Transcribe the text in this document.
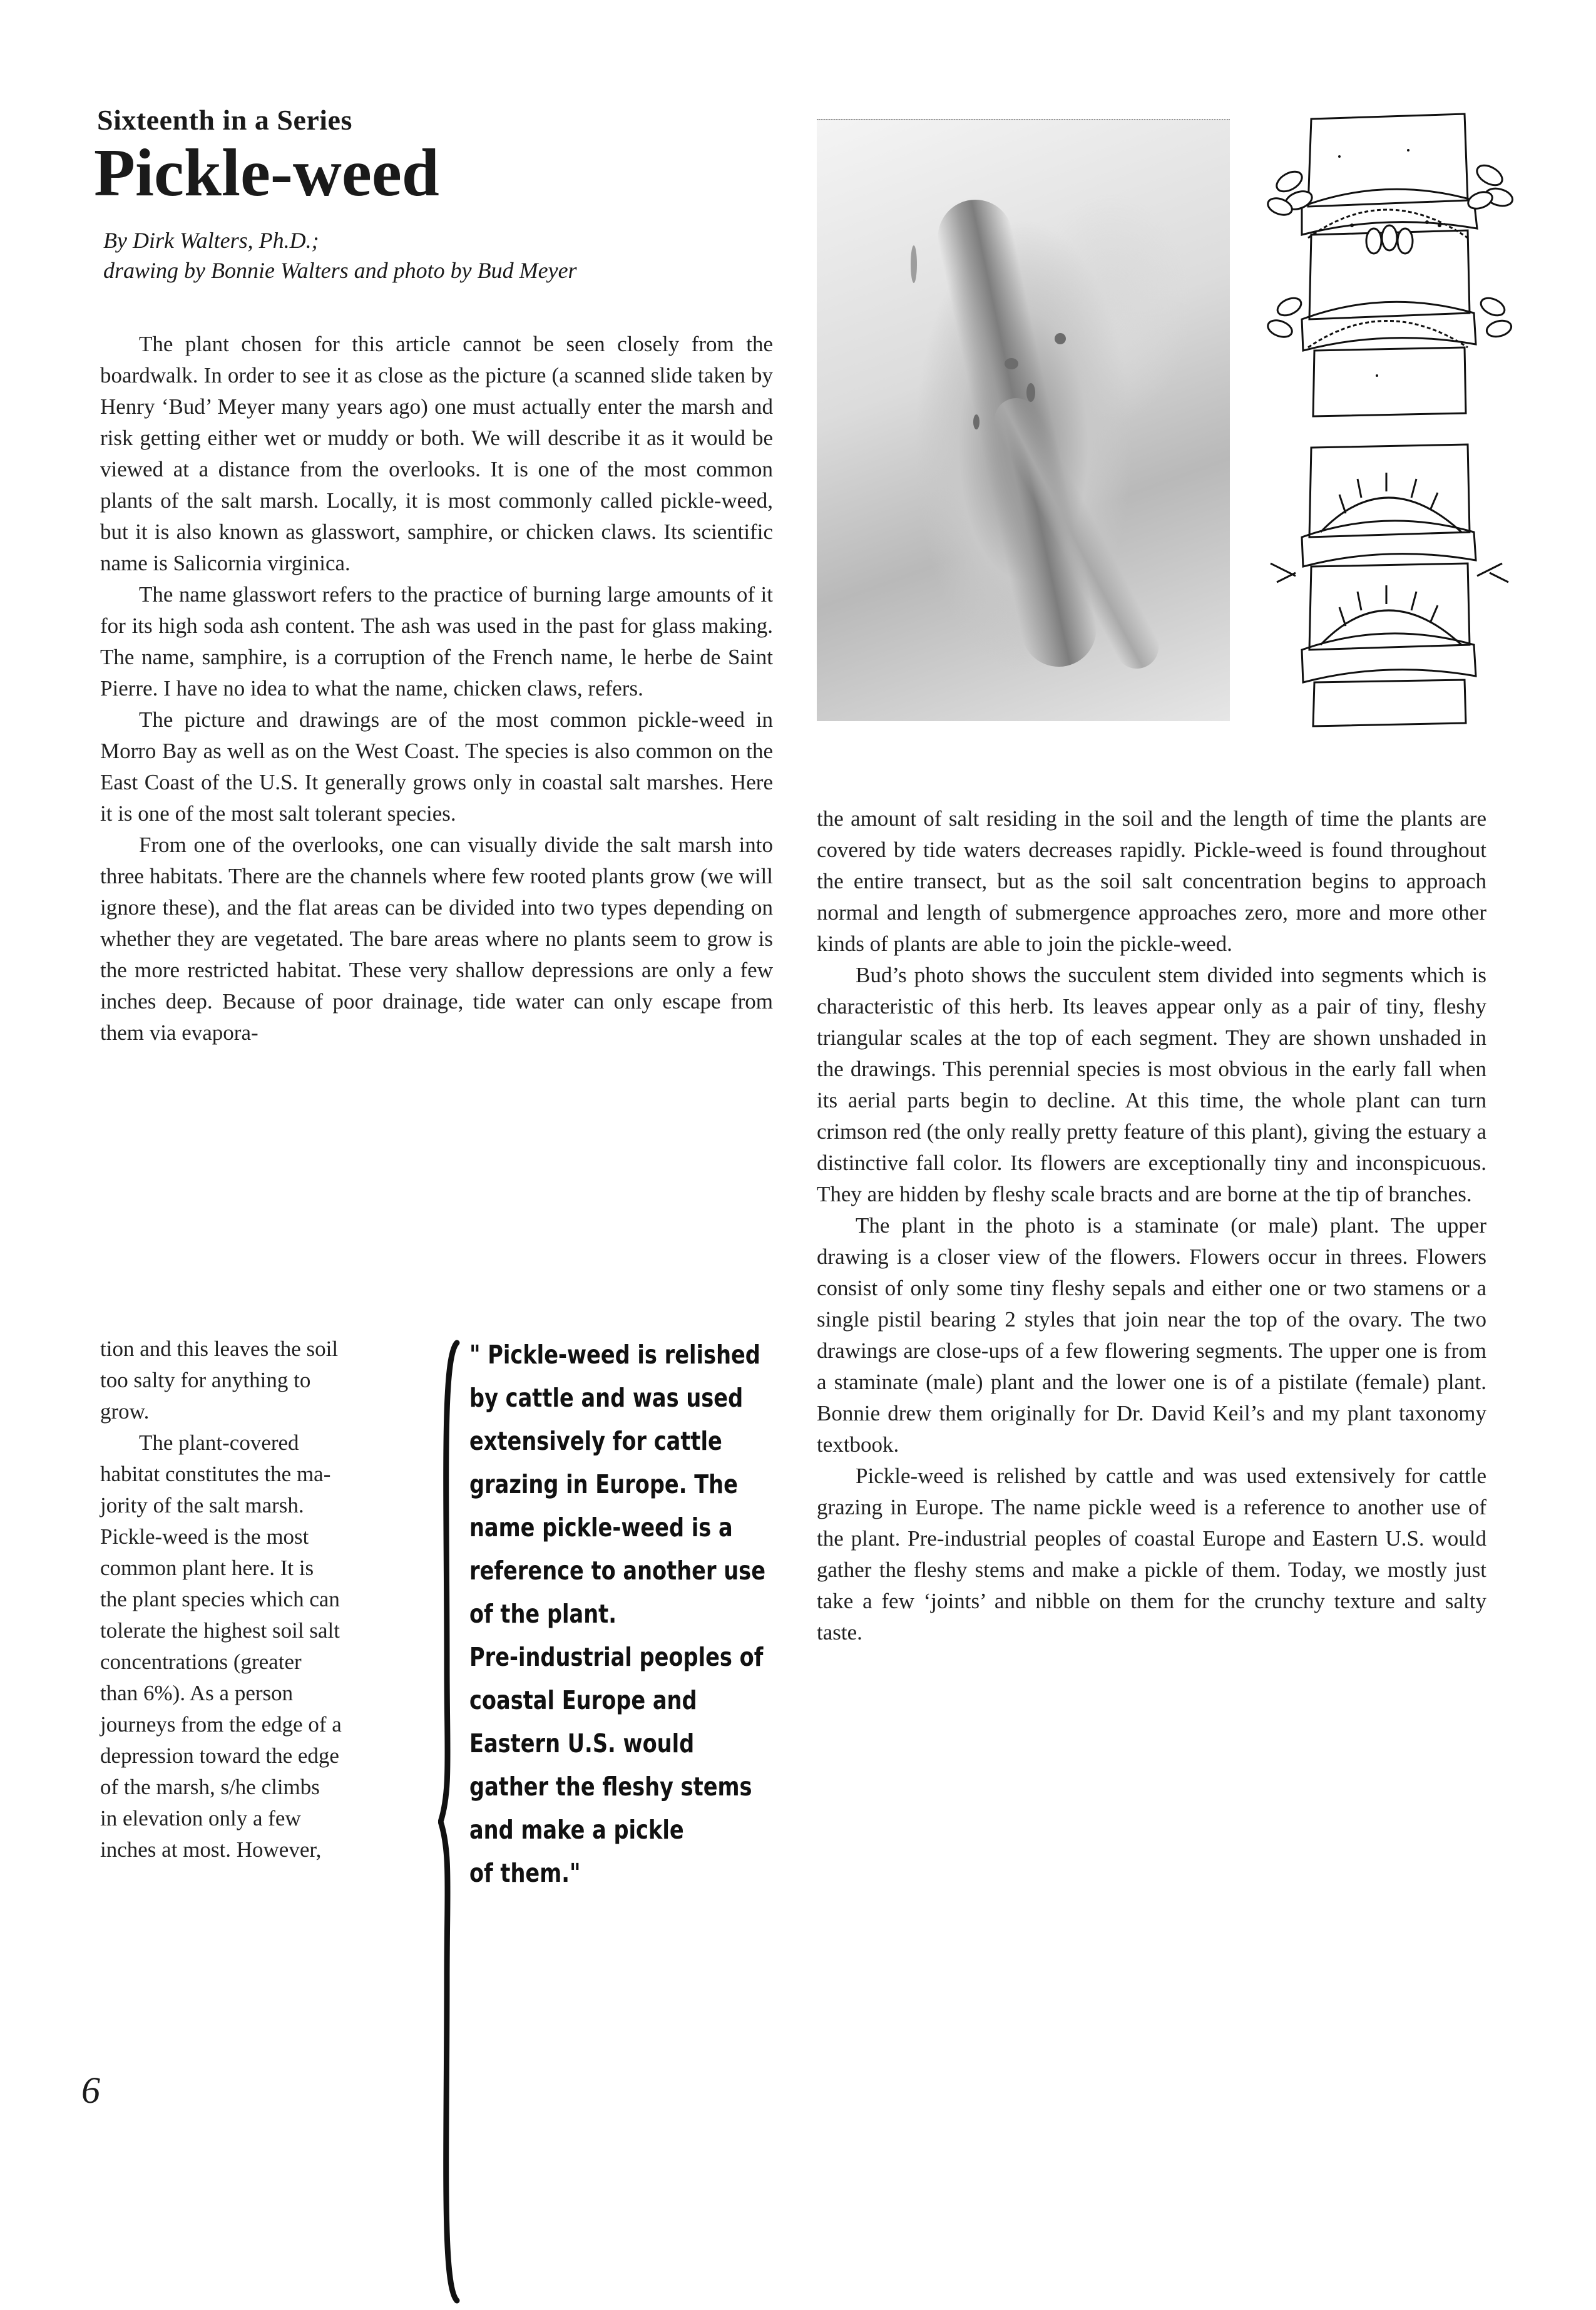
Sixteenth in a Series
Pickle-weed
By Dirk Walters, Ph.D.;
drawing by Bonnie Walters and photo by Bud Meyer

The plant chosen for this article cannot be seen closely from the boardwalk. In order to see it as close as the picture (a scanned slide taken by Henry ‘Bud’ Meyer many years ago) one must actually enter the marsh and risk getting either wet or muddy or both. We will describe it as it would be viewed at a distance from the overlooks. It is one of the most common plants of the salt marsh. Locally, it is most commonly called pickle-weed, but it is also known as glasswort, samphire, or chicken claws. Its scientific name is Salicornia virginica.

The name glasswort refers to the practice of burning large amounts of it for its high soda ash content. The ash was used in the past for glass making. The name, samphire, is a corruption of the French name, le herbe de Saint Pierre. I have no idea to what the name, chicken claws, refers.

The picture and drawings are of the most common pickle-weed in Morro Bay as well as on the West Coast. The species is also common on the East Coast of the U.S. It generally grows only in coastal salt marshes. Here it is one of the most salt tolerant species.

From one of the overlooks, one can visually divide the salt marsh into three habitats. There are the channels where few rooted plants grow (we will ignore these), and the flat areas can be divided into two types depending on whether they are vegetated. The bare areas where no plants seem to grow is the more restricted habitat. These very shallow depressions are only a few inches deep. Because of poor drainage, tide water can only escape from them via evapora-

tion and this leaves the soil
too salty for anything to
grow.
The plant-covered
habitat constitutes the ma-
jority of the salt marsh.
Pickle-weed is the most
common plant here. It is
the plant species which can
tolerate the highest soil salt
concentrations (greater
than 6%). As a person
journeys from the edge of a
depression toward the edge
of the marsh, s/he climbs
in elevation only a few
inches at most. However,
" Pickle-weed is relished
by cattle and was used
extensively for cattle
grazing in Europe. The
name pickle-weed is a
reference to another use
of the plant.
Pre-industrial peoples of
coastal Europe and
Eastern U.S. would
gather the fleshy stems
and make a pickle
of them."

the amount of salt residing in the soil and the length of time the plants are covered by tide waters decreases rapidly. Pickle-weed is found throughout the entire transect, but as the soil salt concentration begins to approach normal and length of submergence approaches zero, more and more other kinds of plants are able to join the pickle-weed.

Bud’s photo shows the succulent stem divided into segments which is characteristic of this herb. Its leaves appear only as a pair of tiny, fleshy triangular scales at the top of each segment. They are shown unshaded in the drawings. This perennial species is most obvious in the early fall when its aerial parts begin to decline. At this time, the whole plant can turn crimson red (the only really pretty feature of this plant), giving the estuary a distinctive fall color. Its flowers are exceptionally tiny and inconspicuous. They are hidden by fleshy scale bracts and are borne at the tip of branches.

The plant in the photo is a staminate (or male) plant. The upper drawing is a closer view of the flowers. Flowers occur in threes. Flowers consist of only some tiny fleshy sepals and either one or two stamens or a single pistil bearing 2 styles that join near the top of the ovary. The two drawings are close-ups of a few flowering segments. The upper one is from a staminate (male) plant and the lower one is of a pistilate (female) plant. Bonnie drew them originally for Dr. David Keil’s and my plant taxonomy textbook.

Pickle-weed is relished by cattle and was used extensively for cattle grazing in Europe. The name pickle weed is a reference to another use of the plant. Pre-industrial peoples of coastal Europe and Eastern U.S. would gather the fleshy stems and make a pickle of them. Today, we mostly just take a few ‘joints’ and nibble on them for the crunchy texture and salty taste.

6
